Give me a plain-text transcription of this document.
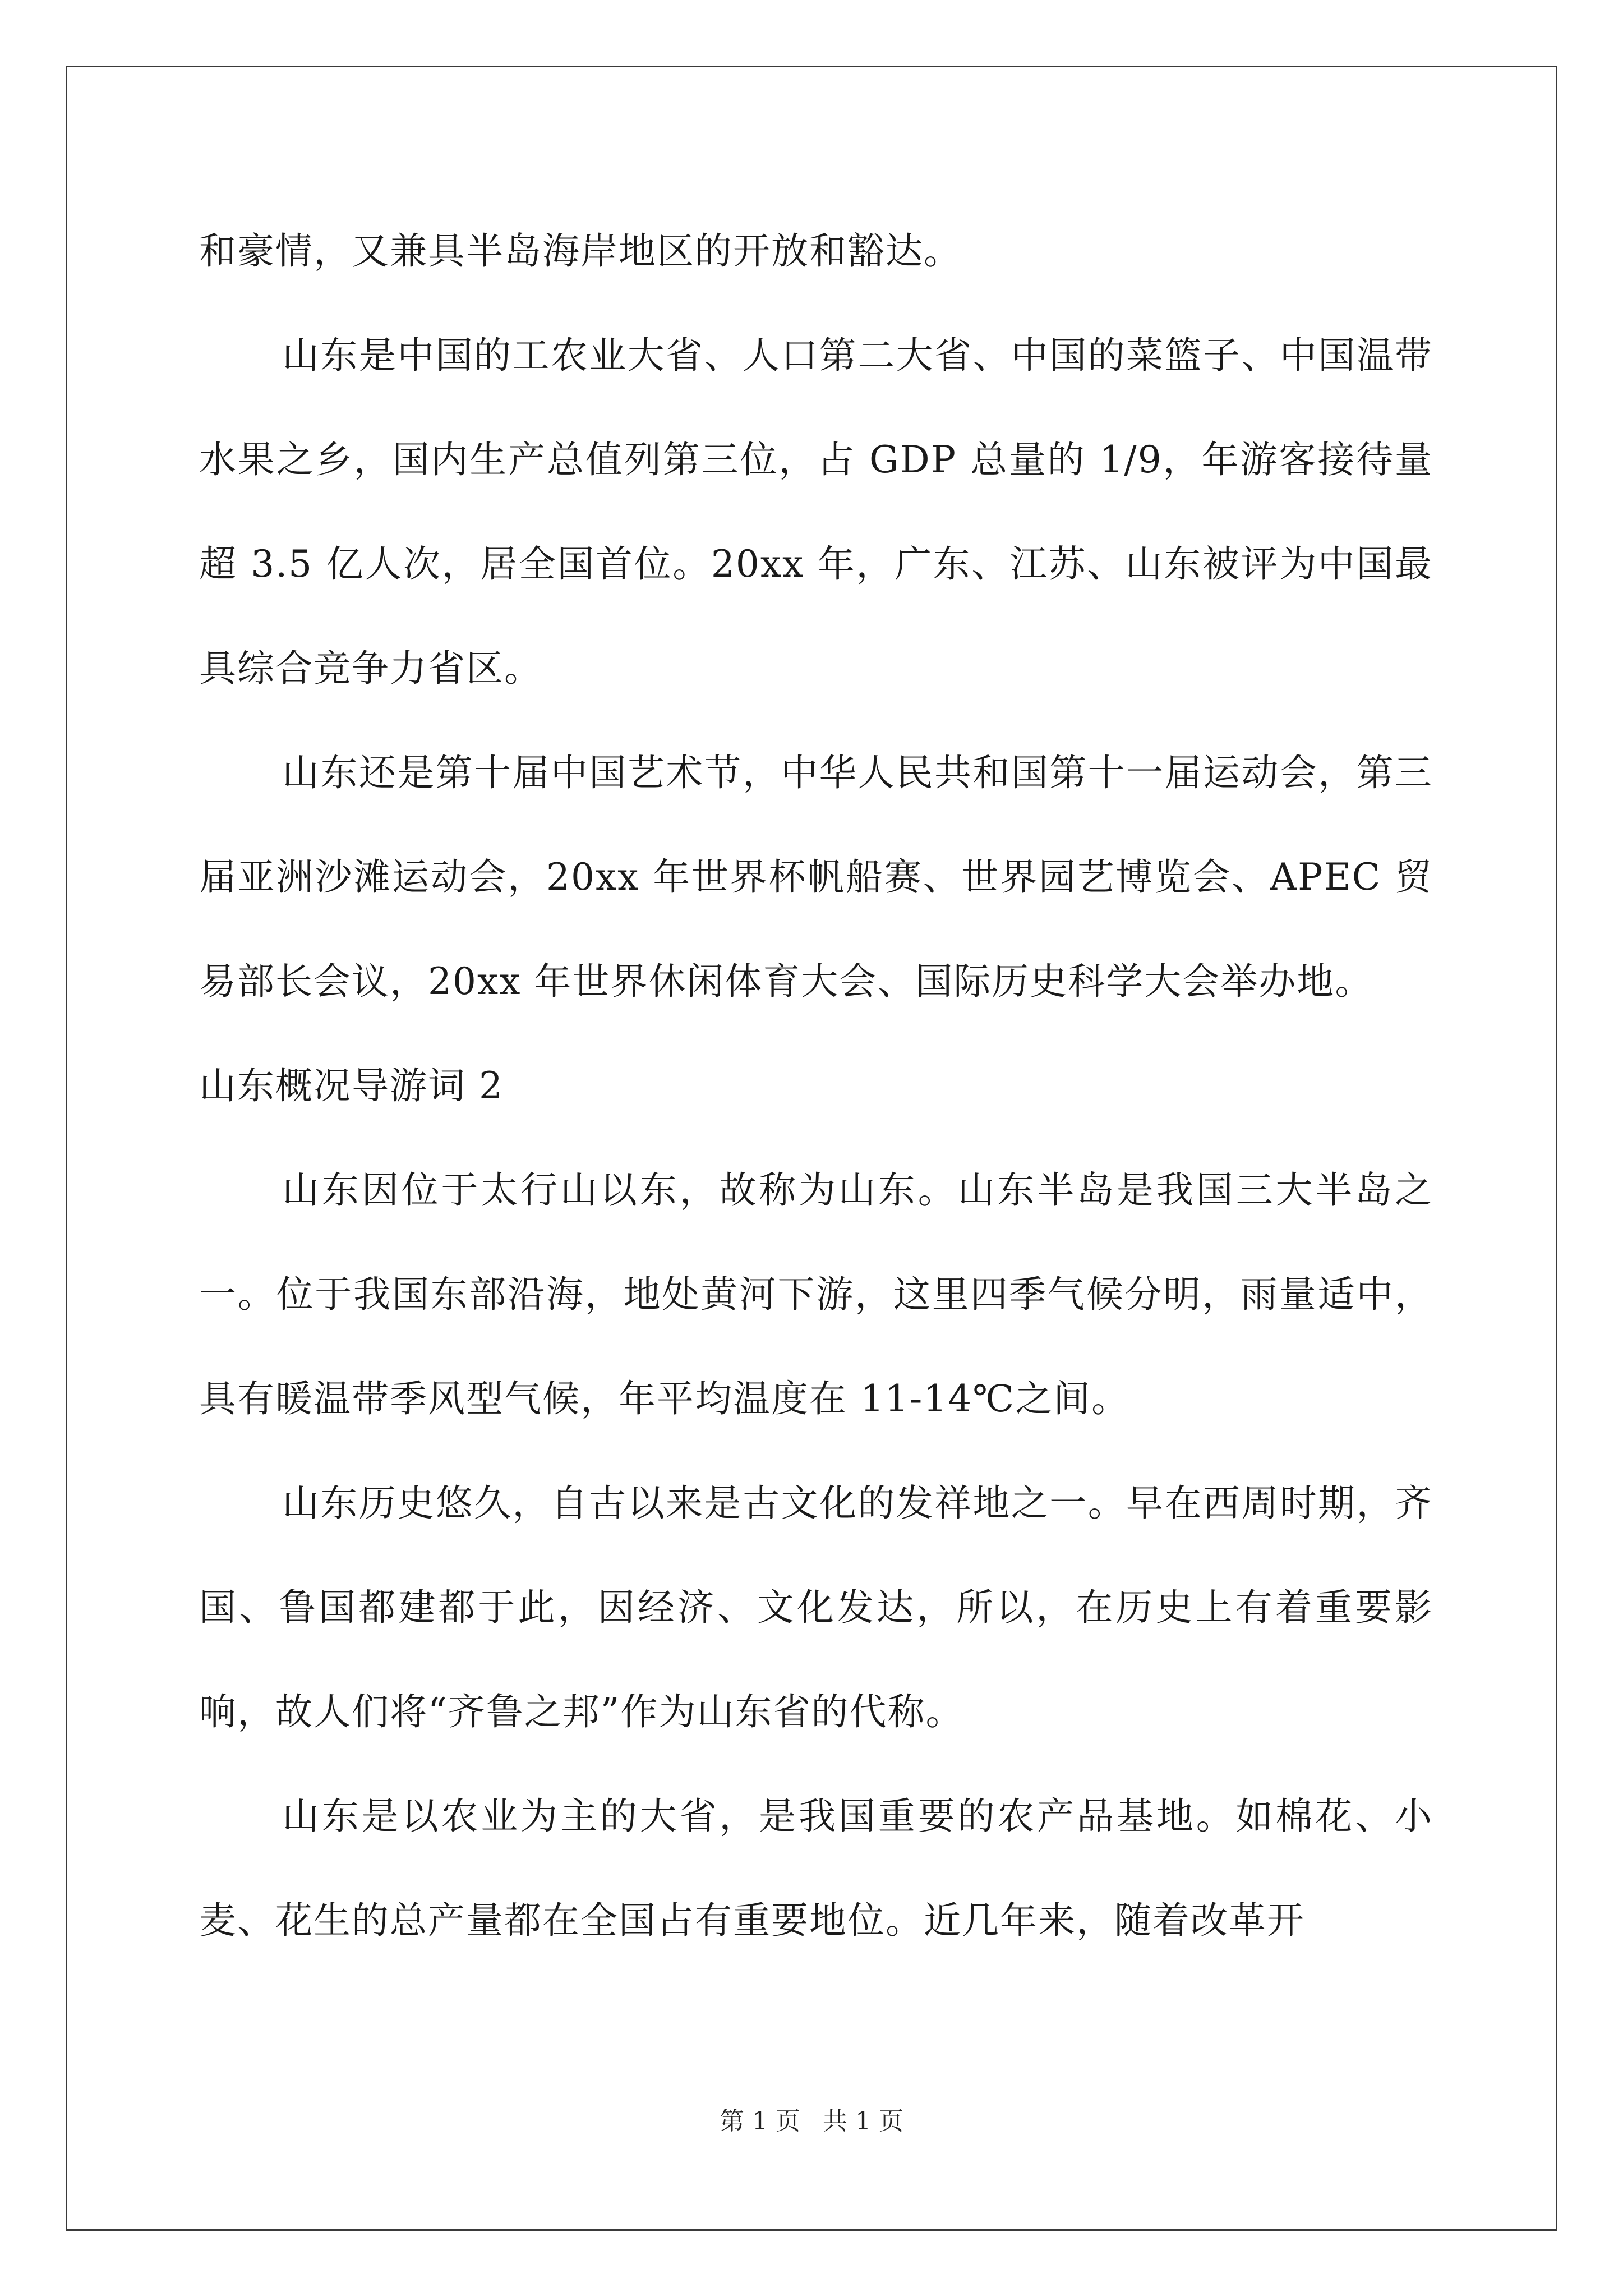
和豪情，又兼具半岛海岸地区的开放和豁达。

山东是中国的工农业大省、人口第二大省、中国的菜篮子、中国温带水果之乡，国内生产总值列第三位，占 GDP 总量的 1/9，年游客接待量超 3.5 亿人次，居全国首位。20xx 年，广东、江苏、山东被评为中国最具综合竞争力省区。

山东还是第十届中国艺术节，中华人民共和国第十一届运动会，第三届亚洲沙滩运动会，20xx 年世界杯帆船赛、世界园艺博览会、APEC 贸易部长会议，20xx 年世界休闲体育大会、国际历史科学大会举办地。

山东概况导游词 2

山东因位于太行山以东，故称为山东。山东半岛是我国三大半岛之一。位于我国东部沿海，地处黄河下游，这里四季气候分明，雨量适中，具有暖温带季风型气候，年平均温度在 11-14℃之间。

山东历史悠久，自古以来是古文化的发祥地之一。早在西周时期，齐国、鲁国都建都于此，因经济、文化发达，所以，在历史上有着重要影响，故人们将“齐鲁之邦”作为山东省的代称。

山东是以农业为主的大省，是我国重要的农产品基地。如棉花、小麦、花生的总产量都在全国占有重要地位。近几年来，随着改革开

第 1 页 共 1 页
